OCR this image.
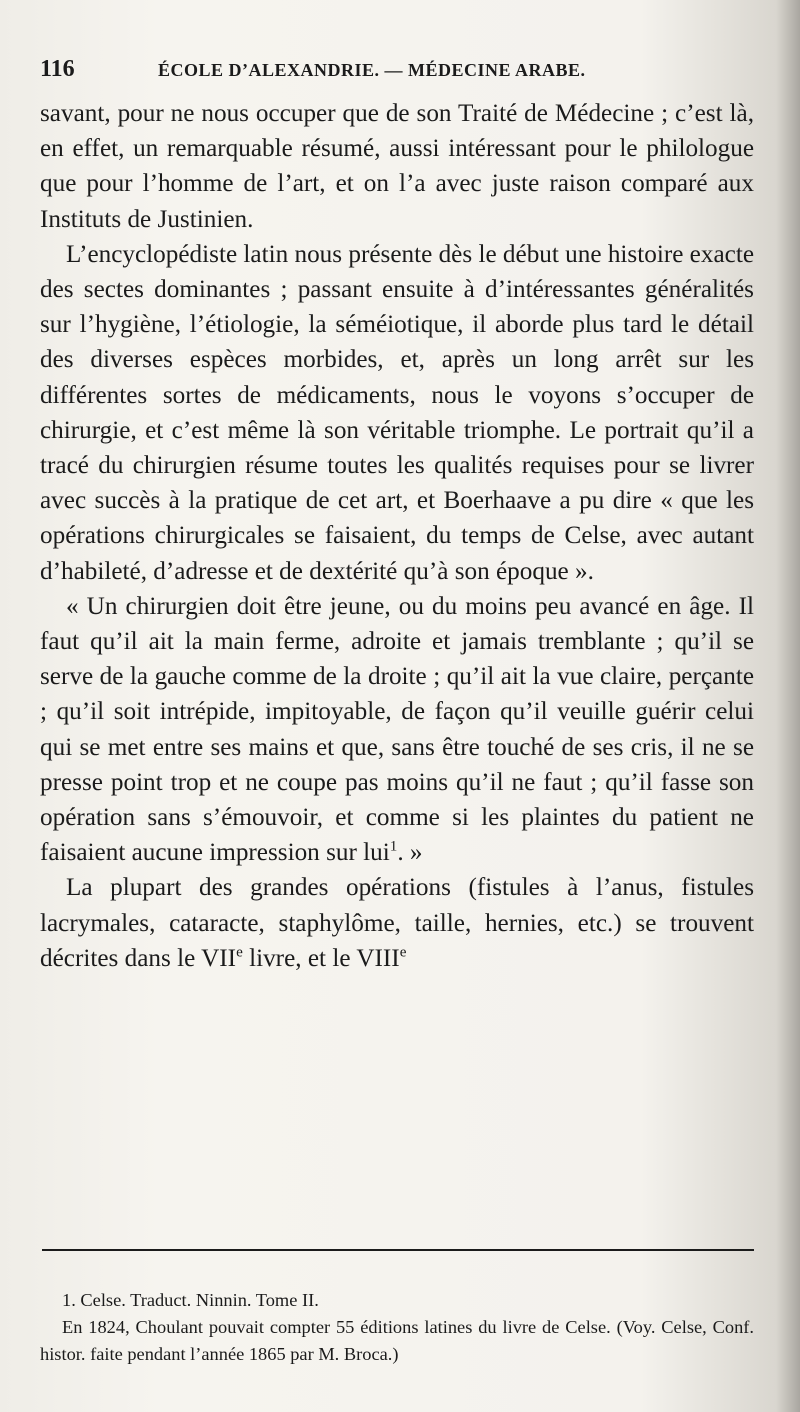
116	ÉCOLE D’ALEXANDRIE. — MÉDECINE ARABE.

savant, pour ne nous occuper que de son Traité de Médecine ; c’est là, en effet, un remarquable résumé, aussi intéressant pour le philologue que pour l’homme de l’art, et on l’a avec juste raison comparé aux Instituts de Justinien.

L’encyclopédiste latin nous présente dès le début une histoire exacte des sectes dominantes ; passant ensuite à d’intéressantes généralités sur l’hygiène, l’étiologie, la séméiotique, il aborde plus tard le détail des diverses espèces morbides, et, après un long arrêt sur les différentes sortes de médicaments, nous le voyons s’occuper de chirurgie, et c’est même là son véritable triomphe. Le portrait qu’il a tracé du chirurgien résume toutes les qualités requises pour se livrer avec succès à la pratique de cet art, et Boerhaave a pu dire « que les opérations chirurgicales se faisaient, du temps de Celse, avec autant d’habileté, d’adresse et de dextérité qu’à son époque ».

« Un chirurgien doit être jeune, ou du moins peu avancé en âge. Il faut qu’il ait la main ferme, adroite et jamais tremblante ; qu’il se serve de la gauche comme de la droite ; qu’il ait la vue claire, perçante ; qu’il soit intrépide, impitoyable, de façon qu’il veuille guérir celui qui se met entre ses mains et que, sans être touché de ses cris, il ne se presse point trop et ne coupe pas moins qu’il ne faut ; qu’il fasse son opération sans s’émouvoir, et comme si les plaintes du patient ne faisaient aucune impression sur lui$^1$. »

La plupart des grandes opérations (fistules à l’anus, fistules lacrymales, cataracte, staphylôme, taille, hernies, etc.) se trouvent décrites dans le VIIe livre, et le VIIIe

1. Celse. Traduct. Ninnin. Tome II.

En 1824, Choulant pouvait compter 55 éditions latines du livre de Celse. (Voy. Celse, Conf. histor. faite pendant l’année 1865 par M. Broca.)
